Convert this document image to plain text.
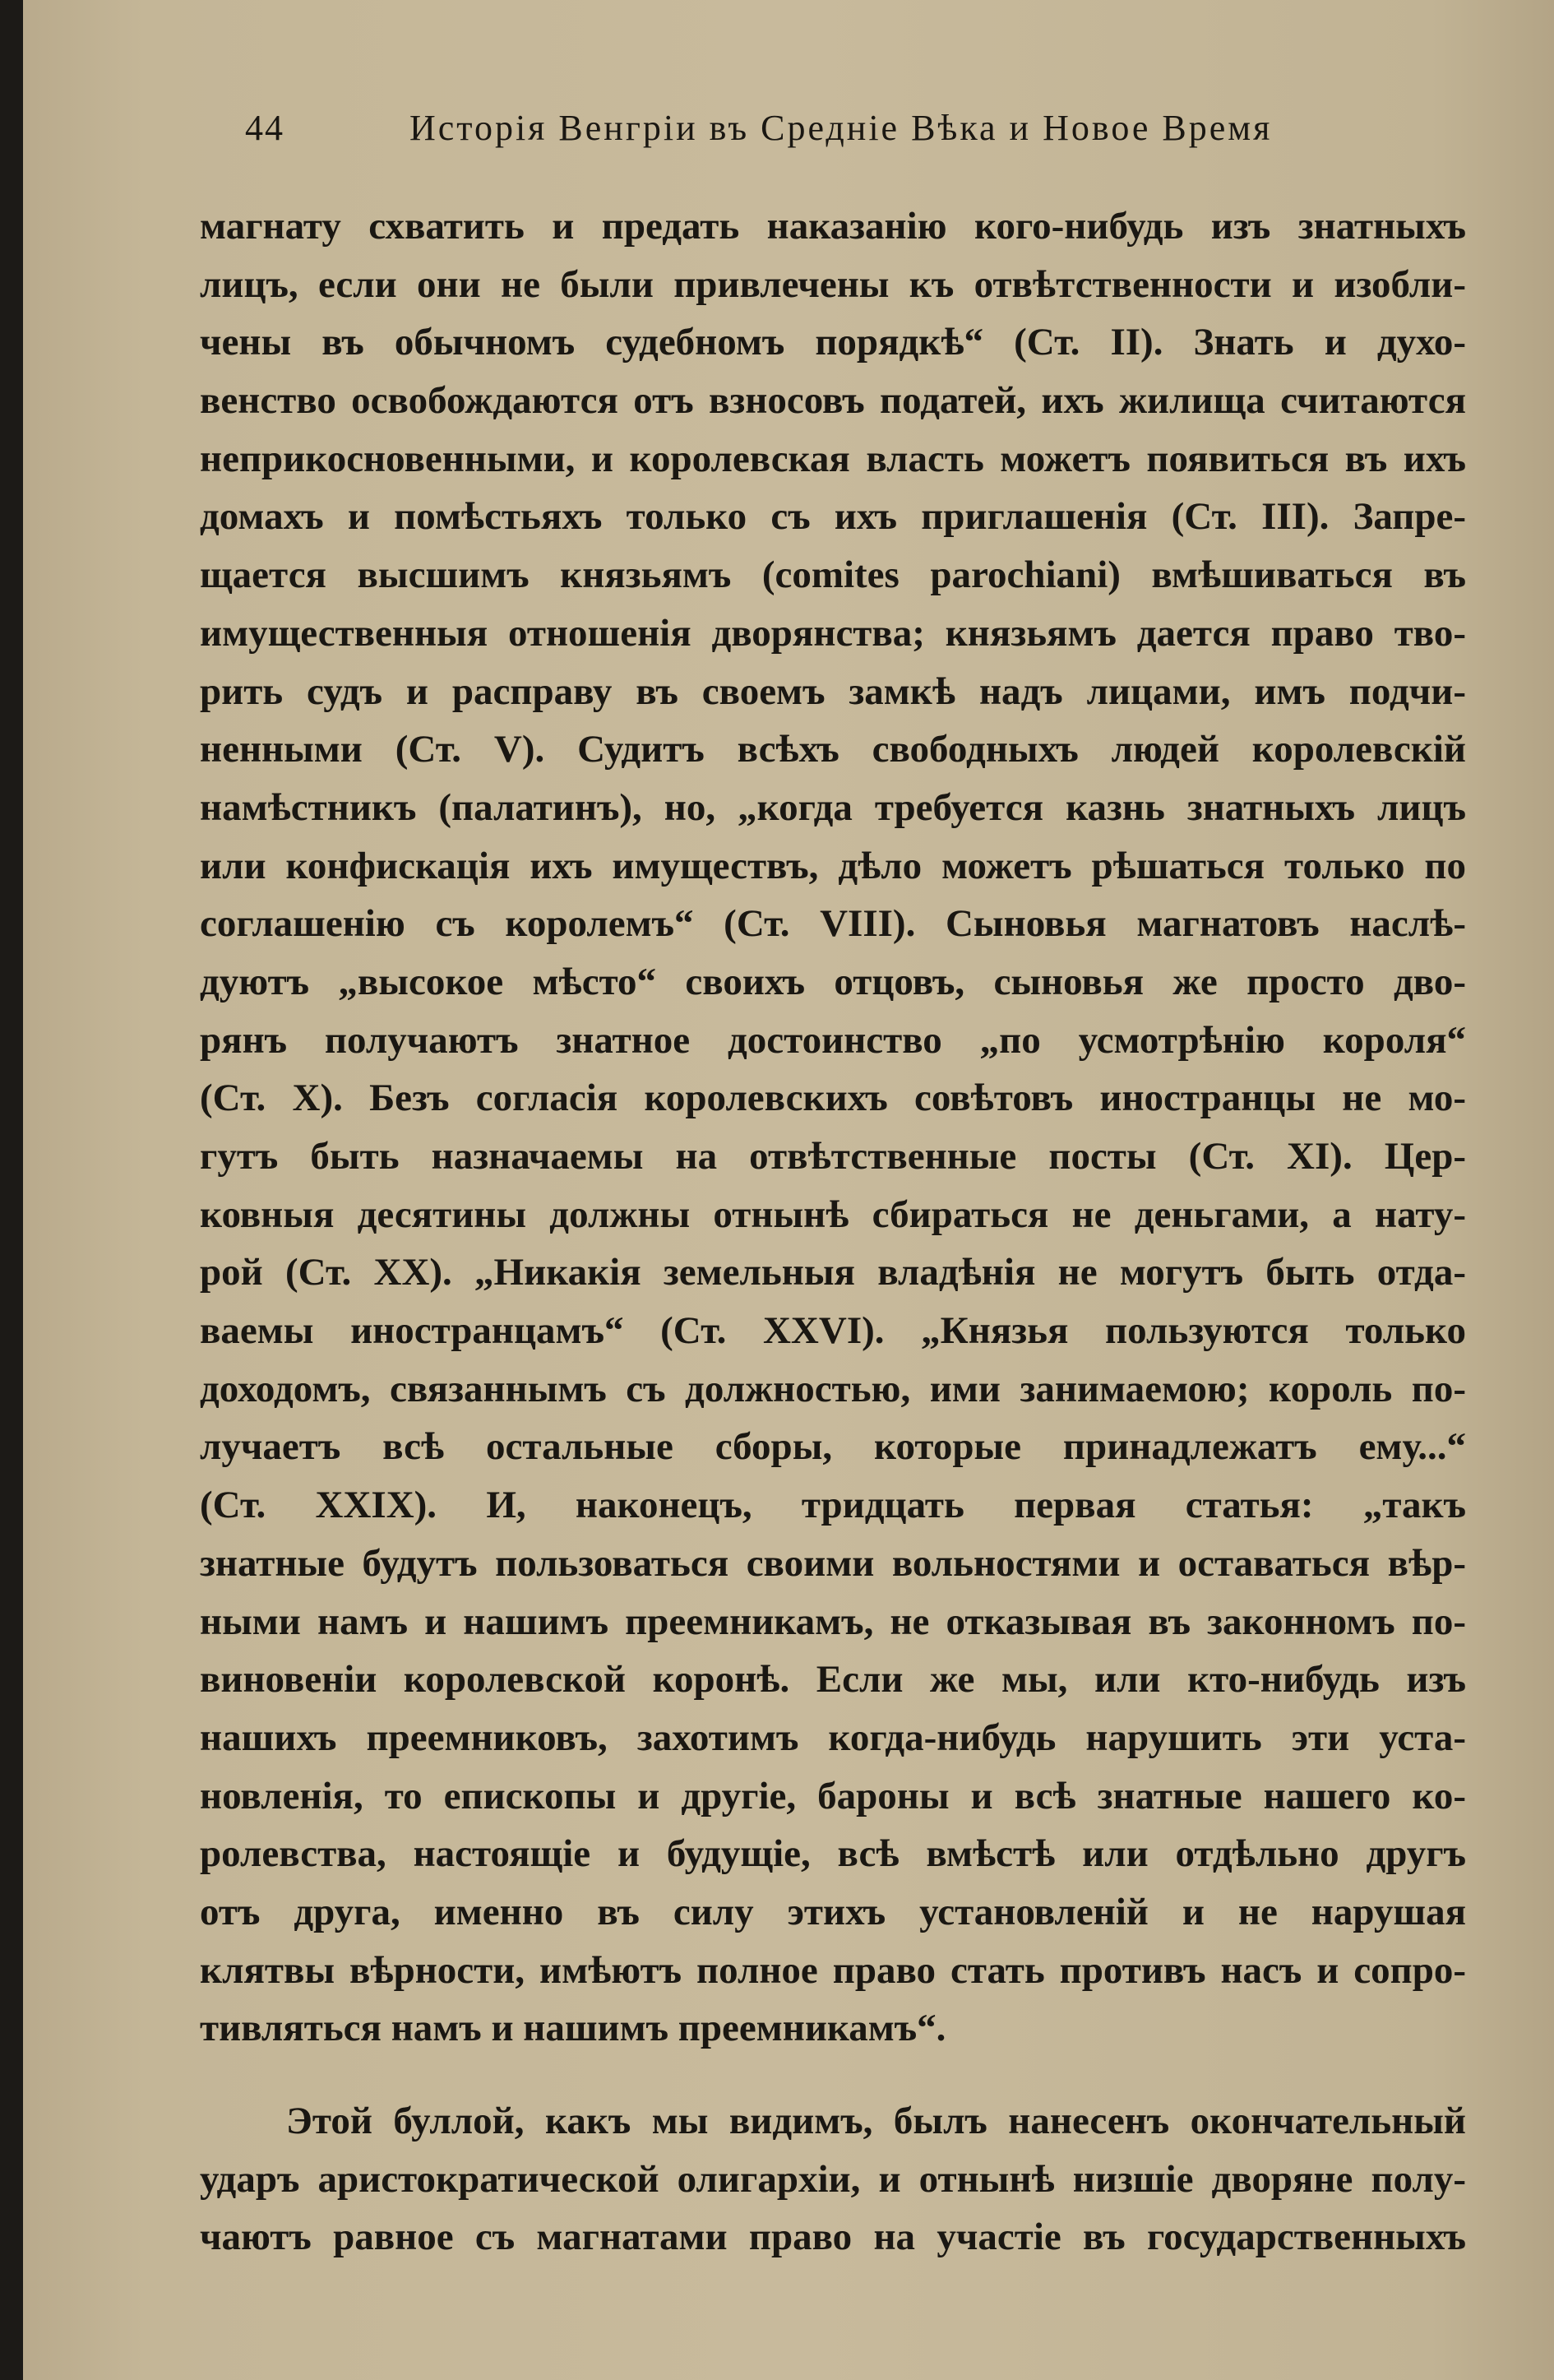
44	Исторія Венгріи въ Средніе Вѣка и Новое Время
магнату схватить и предать наказанію кого-нибудь изъ знатныхъ
лицъ, если они не были привлечены къ отвѣтственности и изобли-
чены въ обычномъ судебномъ порядкѣ“ (Ст. II). Знать и духо-
венство освобождаются отъ взносовъ податей, ихъ жилища считаются
неприкосновенными, и королевская власть можетъ появиться въ ихъ
домахъ и помѣстьяхъ только съ ихъ приглашенія (Ст. III). Запре-
щается высшимъ князьямъ (comites parochiani) вмѣшиваться въ
имущественныя отношенія дворянства; князьямъ дается право тво-
рить судъ и расправу въ своемъ замкѣ надъ лицами, имъ подчи-
ненными (Ст. V). Судитъ всѣхъ свободныхъ людей королевскій
намѣстникъ (палатинъ), но, „когда требуется казнь знатныхъ лицъ
или конфискація ихъ имуществъ, дѣло можетъ рѣшаться только по
соглашенію съ королемъ“ (Ст. VIII). Сыновья магнатовъ наслѣ-
дуютъ „высокое мѣсто“ своихъ отцовъ, сыновья же просто дво-
рянъ получаютъ знатное достоинство „по усмотрѣнію короля“
(Ст. X). Безъ согласія королевскихъ совѣтовъ иностранцы не мо-
гутъ быть назначаемы на отвѣтственные посты (Ст. XI). Цер-
ковныя десятины должны отнынѣ сбираться не деньгами, а нату-
рой (Ст. XX). „Никакія земельныя владѣнія не могутъ быть отда-
ваемы иностранцамъ“ (Ст. XXVI). „Князья пользуются только
доходомъ, связаннымъ съ должностью, ими занимаемою; король по-
лучаетъ всѣ остальные сборы, которые принадлежатъ ему...“
(Ст. XXIX). И, наконецъ, тридцать первая статья: „такъ
знатные будутъ пользоваться своими вольностями и оставаться вѣр-
ными намъ и нашимъ преемникамъ, не отказывая въ законномъ по-
виновеніи королевской коронѣ. Если же мы, или кто-нибудь изъ
нашихъ преемниковъ, захотимъ когда-нибудь нарушить эти уста-
новленія, то епископы и другіе, бароны и всѣ знатные нашего ко-
ролевства, настоящіе и будущіе, всѣ вмѣстѣ или отдѣльно другъ
отъ друга, именно въ силу этихъ установленій и не нарушая
клятвы вѣрности, имѣютъ полное право стать противъ насъ и сопро-
тивляться намъ и нашимъ преемникамъ“.
Этой буллой, какъ мы видимъ, былъ нанесенъ окончательный
ударъ аристократической олигархіи, и отнынѣ низшіе дворяне полу-
чаютъ равное съ магнатами право на участіе въ государственныхъ
